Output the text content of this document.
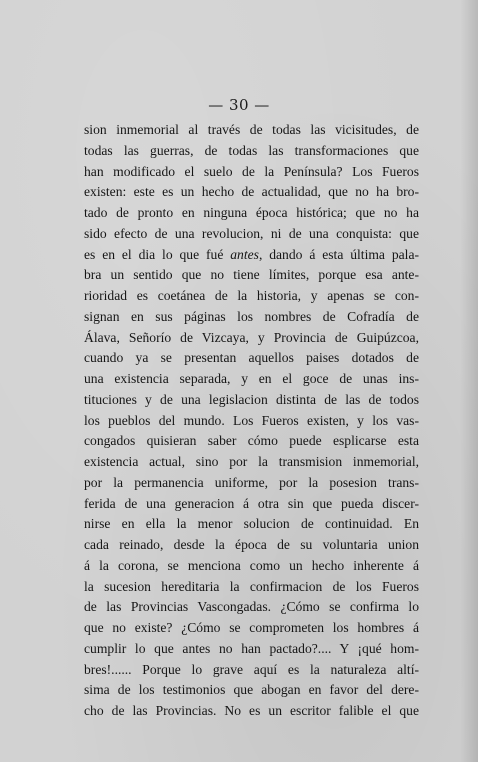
— 30 —
sion inmemorial al través de todas las vicisitudes, de
todas las guerras, de todas las transformaciones que
han modificado el suelo de la Península? Los Fueros
existen: este es un hecho de actualidad, que no ha bro-
tado de pronto en ninguna época histórica; que no ha
sido efecto de una revolucion, ni de una conquista: que
es en el dia lo que fué antes, dando á esta última pala-
bra un sentido que no tiene límites, porque esa ante-
rioridad es coetánea de la historia, y apenas se con-
signan en sus páginas los nombres de Cofradía de
Álava, Señorío de Vizcaya, y Provincia de Guipúzcoa,
cuando ya se presentan aquellos paises dotados de
una existencia separada, y en el goce de unas ins-
tituciones y de una legislacion distinta de las de todos
los pueblos del mundo. Los Fueros existen, y los vas-
congados quisieran saber cómo puede esplicarse esta
existencia actual, sino por la transmision inmemorial,
por la permanencia uniforme, por la posesion trans-
ferida de una generacion á otra sin que pueda discer-
nirse en ella la menor solucion de continuidad. En
cada reinado, desde la época de su voluntaria union
á la corona, se menciona como un hecho inherente á
la sucesion hereditaria la confirmacion de los Fueros
de las Provincias Vascongadas. ¿Cómo se confirma lo
que no existe? ¿Cómo se comprometen los hombres á
cumplir lo que antes no han pactado?.... Y ¡qué hom-
bres!...... Porque lo grave aquí es la naturaleza altí-
sima de los testimonios que abogan en favor del dere-
cho de las Provincias. No es un escritor falible el que
